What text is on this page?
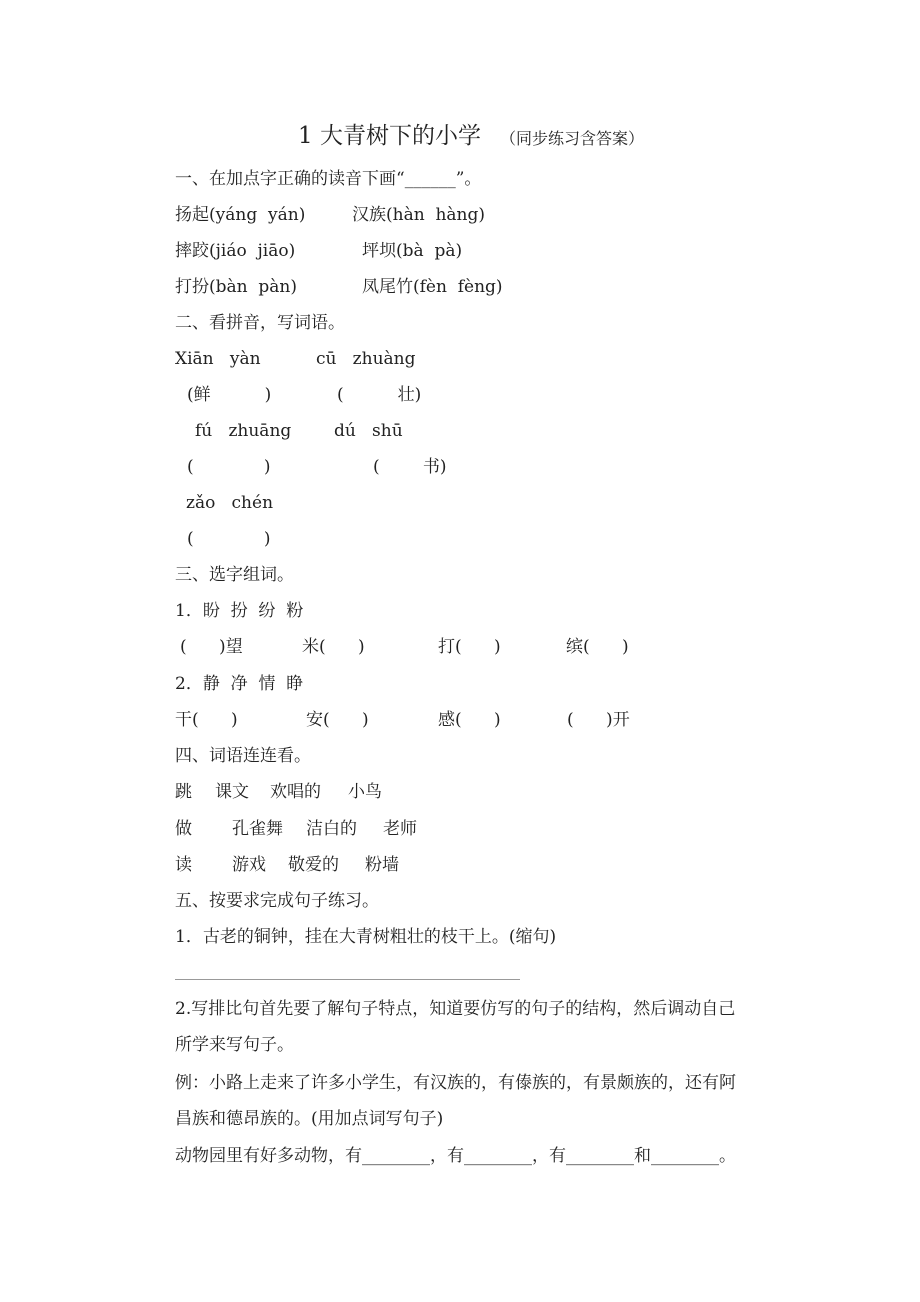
1 大青树下的小学 （同步练习含答案）
一、在加点字正确的读音下画“______”。
扬起(yáng  yán)	汉族(hàn  hàng)
摔跤(jiáo  jiāo)	坪坝(bà  pà)
打扮(bàn  pàn)	凤尾竹(fèn  fèng)
二、看拼音，写词语。
Xiān   yàn	cū   zhuàng
(鲜          )	(          壮)
fú   zhuāng	dú   shū
(             )	(        书)
zǎo   chén
(             )
三、选字组词。
1．盼  扮  纷  粉
(      )望	米(      )	打(      )	缤(      )
2．静  净  情  睁
干(      )	安(      )	感(      )	(      )开
四、词语连连看。
跳 课文 欢唱的 小鸟
做 孔雀舞 洁白的 老师
读 游戏 敬爱的 粉墙
五、按要求完成句子练习。
1．古老的铜钟，挂在大青树粗壮的枝干上。(缩句)
2.写排比句首先要了解句子特点，知道要仿写的句子的结构，然后调动自己
所学来写句子。
例：小路上走来了许多小学生，有汉族的，有傣族的，有景颇族的，还有阿
昌族和德昂族的。(用加点词写句子)
动物园里有好多动物，有________，有________，有________和________。
